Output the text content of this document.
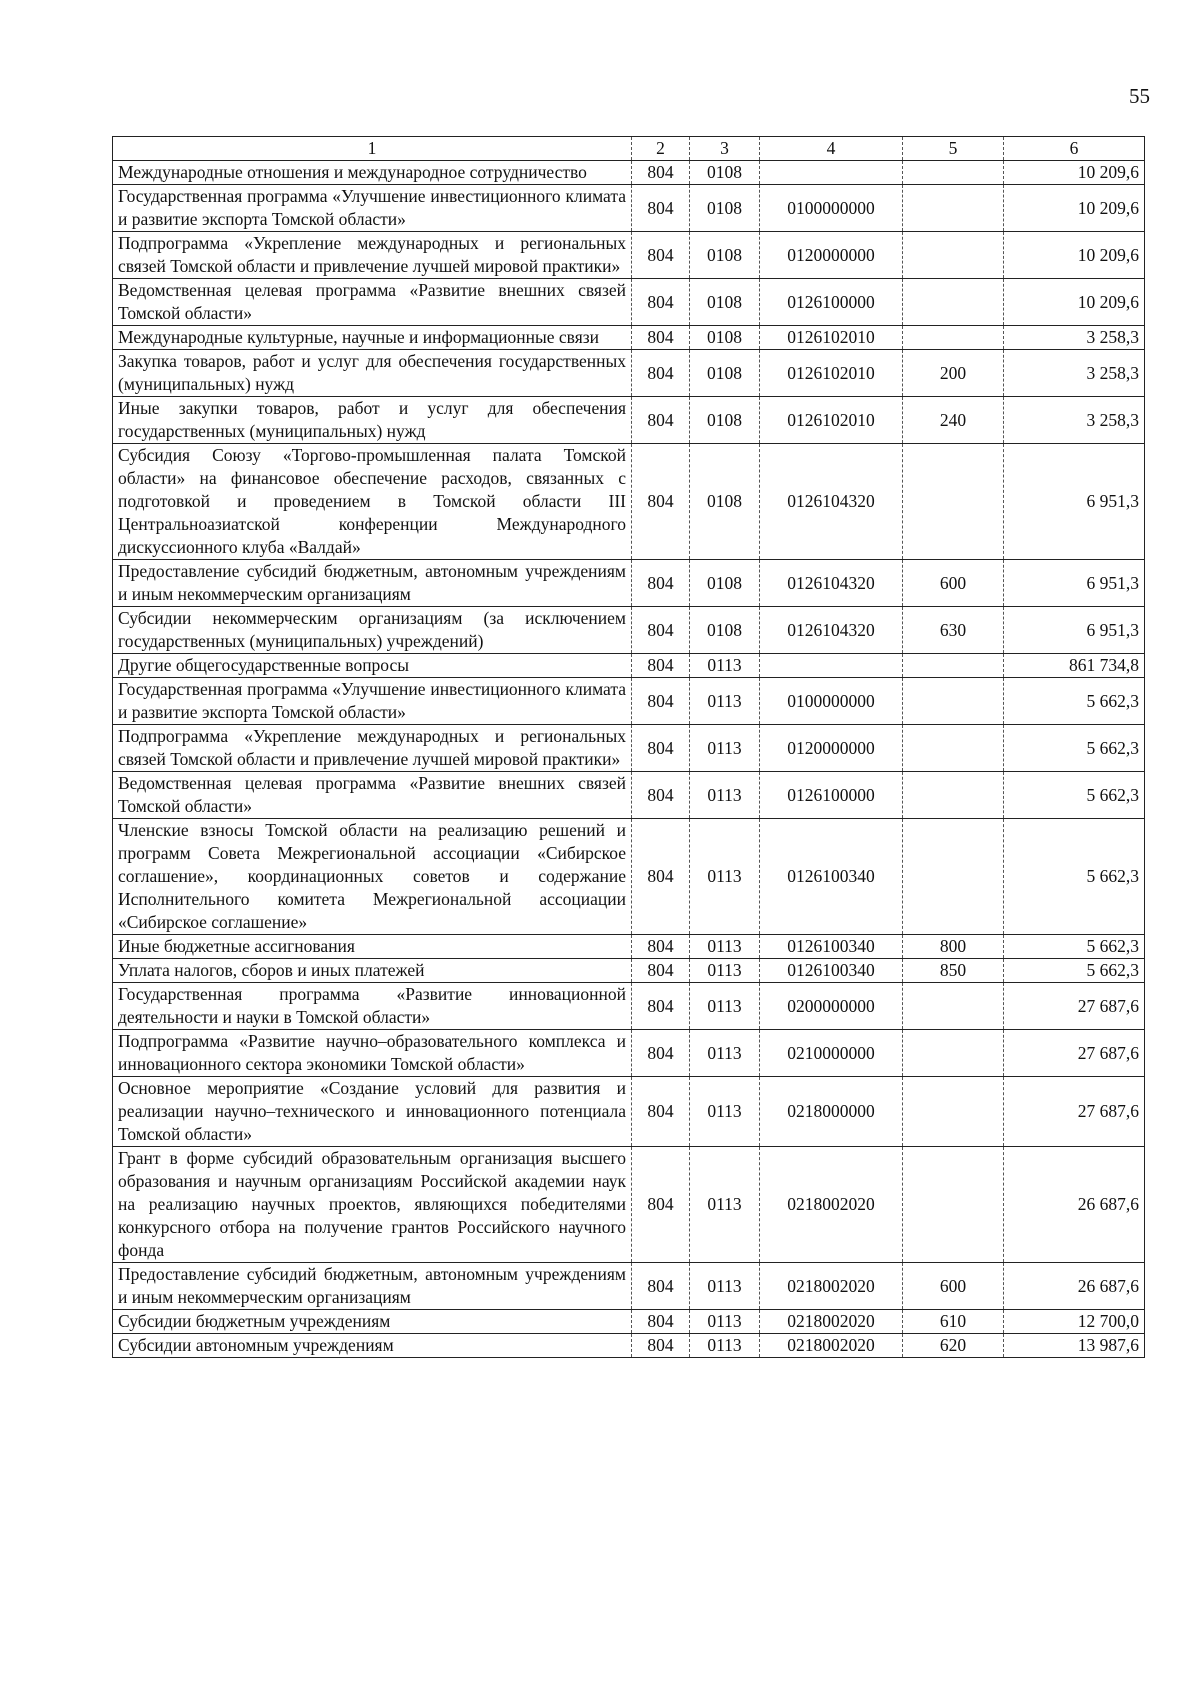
55
1	2	3	4	5	6
Международные отношения и международное сотрудничество	804	0108			10 209,6
Государственная программа «Улучшение инвестиционного климата и развитие экспорта Томской области»	804	0108	0100000000		10 209,6
Подпрограмма «Укрепление международных и региональных связей Томской области и привлечение лучшей мировой практики»	804	0108	0120000000		10 209,6
Ведомственная целевая программа «Развитие внешних связей Томской области»	804	0108	0126100000		10 209,6
Международные культурные, научные и информационные связи	804	0108	0126102010		3 258,3
Закупка товаров, работ и услуг для обеспечения государственных (муниципальных) нужд	804	0108	0126102010	200	3 258,3
Иные закупки товаров, работ и услуг для обеспечения государственных (муниципальных) нужд	804	0108	0126102010	240	3 258,3
Субсидия Союзу «Торгово-промышленная палата Томской области» на финансовое обеспечение расходов, связанных с подготовкой и проведением в Томской области III Центральноазиатской конференции Международного дискуссионного клуба «Валдай»	804	0108	0126104320		6 951,3
Предоставление субсидий бюджетным, автономным учреждениям и иным некоммерческим организациям	804	0108	0126104320	600	6 951,3
Субсидии некоммерческим организациям (за исключением государственных (муниципальных) учреждений)	804	0108	0126104320	630	6 951,3
Другие общегосударственные вопросы	804	0113			861 734,8
Государственная программа «Улучшение инвестиционного климата и развитие экспорта Томской области»	804	0113	0100000000		5 662,3
Подпрограмма «Укрепление международных и региональных связей Томской области и привлечение лучшей мировой практики»	804	0113	0120000000		5 662,3
Ведомственная целевая программа «Развитие внешних связей Томской области»	804	0113	0126100000		5 662,3
Членские взносы Томской области на реализацию решений и программ Совета Межрегиональной ассоциации «Сибирское соглашение», координационных советов и содержание Исполнительного комитета Межрегиональной ассоциации «Сибирское соглашение»	804	0113	0126100340		5 662,3
Иные бюджетные ассигнования	804	0113	0126100340	800	5 662,3
Уплата налогов, сборов и иных платежей	804	0113	0126100340	850	5 662,3
Государственная программа «Развитие инновационной деятельности и науки в Томской области»	804	0113	0200000000		27 687,6
Подпрограмма «Развитие научно–образовательного комплекса и инновационного сектора экономики Томской области»	804	0113	0210000000		27 687,6
Основное мероприятие «Создание условий для развития и реализации научно–технического и инновационного потенциала Томской области»	804	0113	0218000000		27 687,6
Грант в форме субсидий образовательным организация высшего образования и научным организациям Российской академии наук на реализацию научных проектов, являющихся победителями конкурсного отбора на получение грантов Российского научного фонда	804	0113	0218002020		26 687,6
Предоставление субсидий бюджетным, автономным учреждениям и иным некоммерческим организациям	804	0113	0218002020	600	26 687,6
Субсидии бюджетным учреждениям	804	0113	0218002020	610	12 700,0
Субсидии автономным учреждениям	804	0113	0218002020	620	13 987,6
